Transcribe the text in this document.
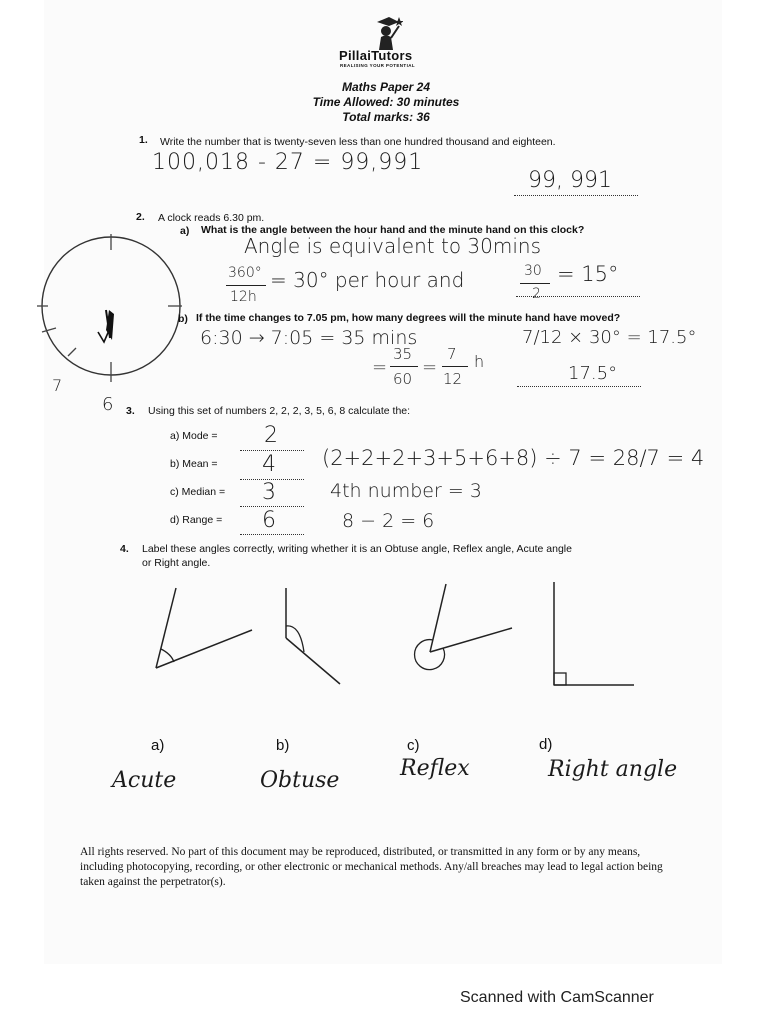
PillaiTutors
REALISING YOUR POTENTIAL
Maths Paper 24
Time Allowed: 30 minutes
Total marks: 36
1. Write the number that is twenty-seven less than one hundred thousand and eighteen.
100,018 - 27 = 99,991
99, 991
2. A clock reads 6.30 pm.
a) What is the angle between the hour hand and the minute hand on this clock?
Angle is equivalent to 30mins
360°
12h
= 30° per hour and	30
2
= 15°
7
6
b) If the time changes to 7.05 pm, how many degrees will the minute hand have moved?
6:30 → 7:05 = 35 mins
=
35
60
=
7
12
h
7/12 × 30° = 17.5°
17.5°
3. Using this set of numbers 2, 2, 2, 3, 5, 6, 8 calculate the:
a) Mode = 2
b) Mean = 4 (2+2+2+3+5+6+8) ÷ 7 = 28/7 = 4
c) Median = 3	4th number = 3
d) Range = 6	8 − 2 = 6
4. Label these angles correctly, writing whether it is an Obtuse angle, Reflex angle, Acute angle
or Right angle.
a)	b)	c)	d)
Acute	Obtuse	Reflex	Right angle
All rights reserved. No part of this document may be reproduced, distributed, or transmitted in any form or by any means, including photocopying, recording, or other electronic or mechanical methods. Any/all breaches may lead to legal action being taken against the perpetrator(s).
Scanned with CamScanner
